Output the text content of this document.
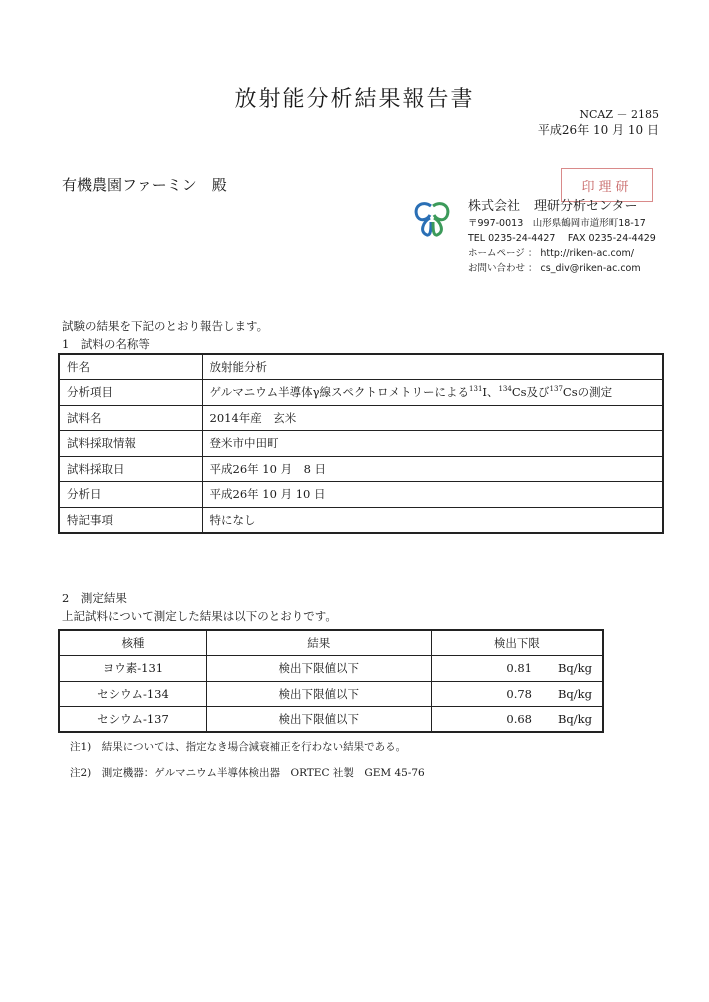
放射能分析結果報告書
NCAZ － 2185
平成26年 10 月 10 日
有機農園ファーミン　殿	印理研
株式会社 理研分析センター
〒997-0013　山形県鶴岡市道形町18-17
TEL 0235-24-4427　 FAX 0235-24-4429
ホームページ ： http://riken-ac.com/
お問い合わせ ： cs_div@riken-ac.com
試験の結果を下記のとおり報告します。
1　試料の名称等
件名	放射能分析
分析項目	ゲルマニウム半導体γ線スペクトロメトリーによる$^{131}$I、$^{134}$Cs及び$^{137}$Csの測定
試料名	2014年産　玄米
試料採取情報	登米市中田町
試料採取日	平成26年 10 月　8 日
分析日	平成26年 10 月 10 日
特記事項	特になし
2　測定結果
上記試料について測定した結果は以下のとおりです。
核種	結果	検出下限
ヨウ素-131	検出下限値以下	0.81 Bq/kg

セシウム-134	検出下限値以下	0.78 Bq/kg

セシウム-137	検出下限値以下	0.68 Bq/kg
注1)　結果については、指定なき場合減衰補正を行わない結果である。
注2)　測定機器：ゲルマニウム半導体検出器　ORTEC 社製　GEM 45-76
